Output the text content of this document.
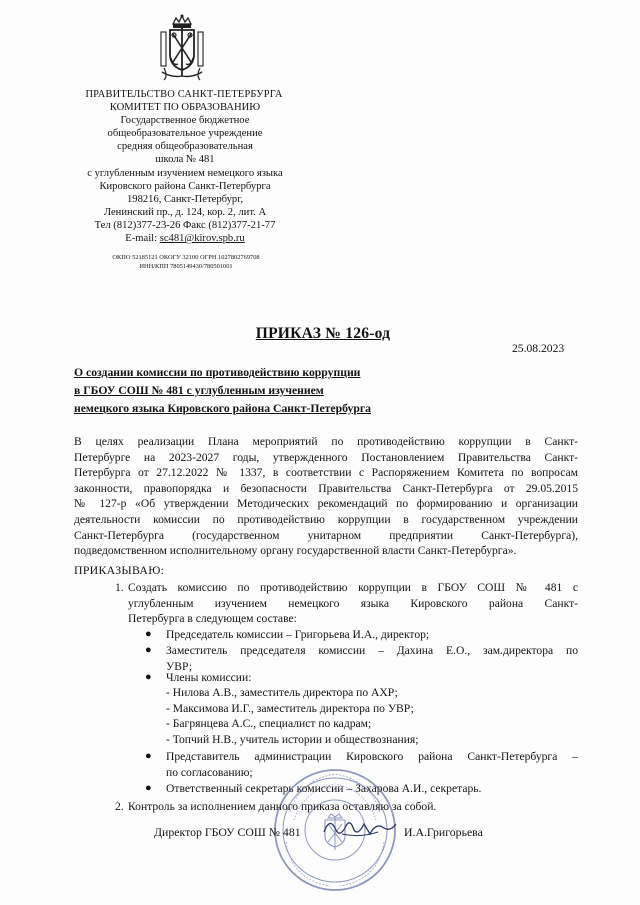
ПРАВИТЕЛЬСТВО САНКТ-ПЕТЕРБУРГА
КОМИТЕТ ПО ОБРАЗОВАНИЮ
Государственное бюджетное
общеобразовательное учреждение
средняя общеобразовательная
школа № 481
с углубленным изучением немецкого языка
Кировского района Санкт-Петербурга
198216, Санкт-Петербург,
Ленинский пр., д. 124, кор. 2, лит. А
Тел (812)377-23-26 Факс (812)377-21-77
E-mail: sc481@kirov.spb.ru
ОКПО 52185121 ОКОГУ 32100 ОГРН 1027802769708
ИНН/КПП 7805149430/780501001
ПРИКАЗ № 126-од
25.08.2023
О создании комиссии по противодействию коррупции
в ГБОУ СОШ № 481 с углубленным изучением
немецкого языка Кировского района Санкт-Петербурга
В целях реализации Плана мероприятий по противодействию коррупции в Санкт-
Петербурге на 2023-2027 годы, утвержденного Постановлением Правительства Санкт-
Петербурга от 27.12.2022 № 1337, в соответствии с Распоряжением Комитета по вопросам
законности, правопорядка и безопасности Правительства Санкт-Петербурга от 29.05.2015
№ 127-р «Об утверждении Методических рекомендаций по формированию и организации
деятельности комиссии по противодействию коррупции в государственном учреждении
Санкт-Петербурга (государственном унитарном предприятии Санкт-Петербурга),
подведомственном исполнительному органу государственной власти Санкт-Петербурга».
ПРИКАЗЫВАЮ:
1. Создать комиссию по противодействию коррупции в ГБОУ СОШ № 481 с
углубленным изучением немецкого языка Кировского района Санкт-
Петербурга в следующем составе:
● Председатель комиссии – Григорьева И.А., директор;
● Заместитель председателя комиссии – Дахина Е.О., зам.директора по
УВР;
● Члены комиссии:
- Нилова А.В., заместитель директора по АХР;
- Максимова И.Г., заместитель директора по УВР;
- Багрянцева А.С., специалист по кадрам;
- Топчий Н.В., учитель истории и обществознания;
● Представитель администрации Кировского района Санкт-Петербурга –
по согласованию;
● Ответственный секретарь комиссии – Захарова А.И., секретарь.
2. Контроль за исполнением данного приказа оставляю за собой.
Директор ГБОУ СОШ № 481	И.А.Григорьева
